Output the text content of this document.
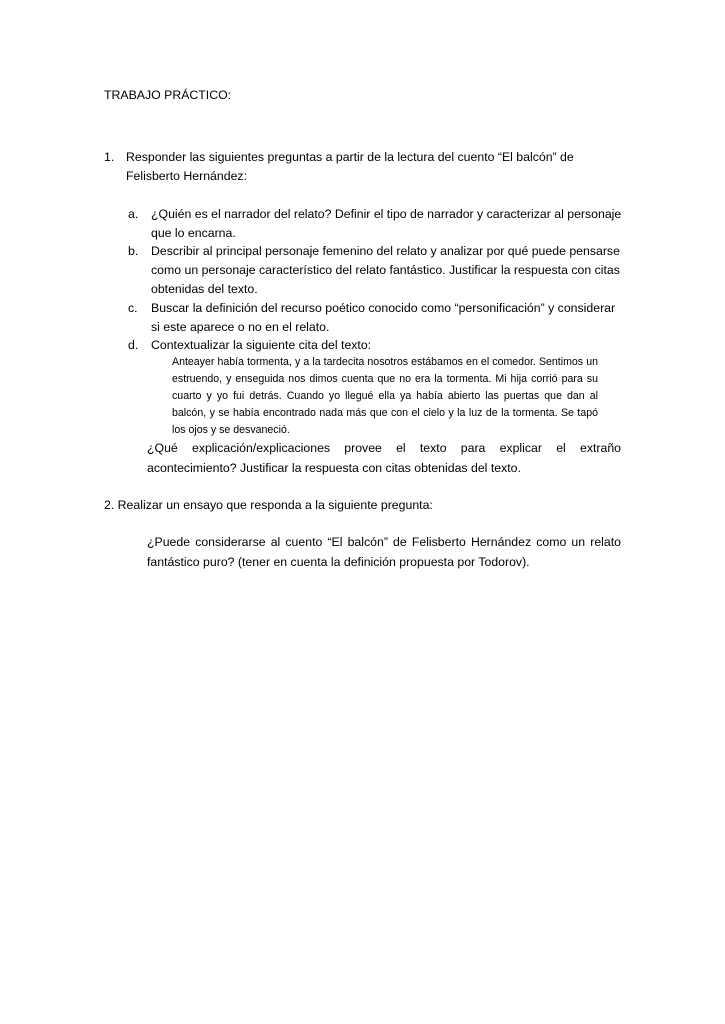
TRABAJO PRÁCTICO:
1. Responder las siguientes preguntas a partir de la lectura del cuento “El balcón” de Felisberto Hernández:
a. ¿Quién es el narrador del relato? Definir el tipo de narrador y caracterizar al personaje que lo encarna.
b. Describir al principal personaje femenino del relato y analizar por qué puede pensarse como un personaje característico del relato fantástico. Justificar la respuesta con citas obtenidas del texto.
c. Buscar la definición del recurso poético conocido como “personificación” y considerar si este aparece o no en el relato.
d. Contextualizar la siguiente cita del texto:
Anteayer había tormenta, y a la tardecita nosotros estábamos en el comedor. Sentimos un estruendo, y enseguida nos dimos cuenta que no era la tormenta. Mi hija corrió para su cuarto y yo fui detrás. Cuando yo llegué ella ya había abierto las puertas que dan al balcón, y se había encontrado nada más que con el cielo y la luz de la tormenta. Se tapó los ojos y se desvaneció.
¿Qué explicación/explicaciones provee el texto para explicar el extraño
acontecimiento? Justificar la respuesta con citas obtenidas del texto.
2. Realizar un ensayo que responda a la siguiente pregunta:
¿Puede considerarse al cuento “El balcón” de Felisberto Hernández como un relato
fantástico puro? (tener en cuenta la definición propuesta por Todorov).
